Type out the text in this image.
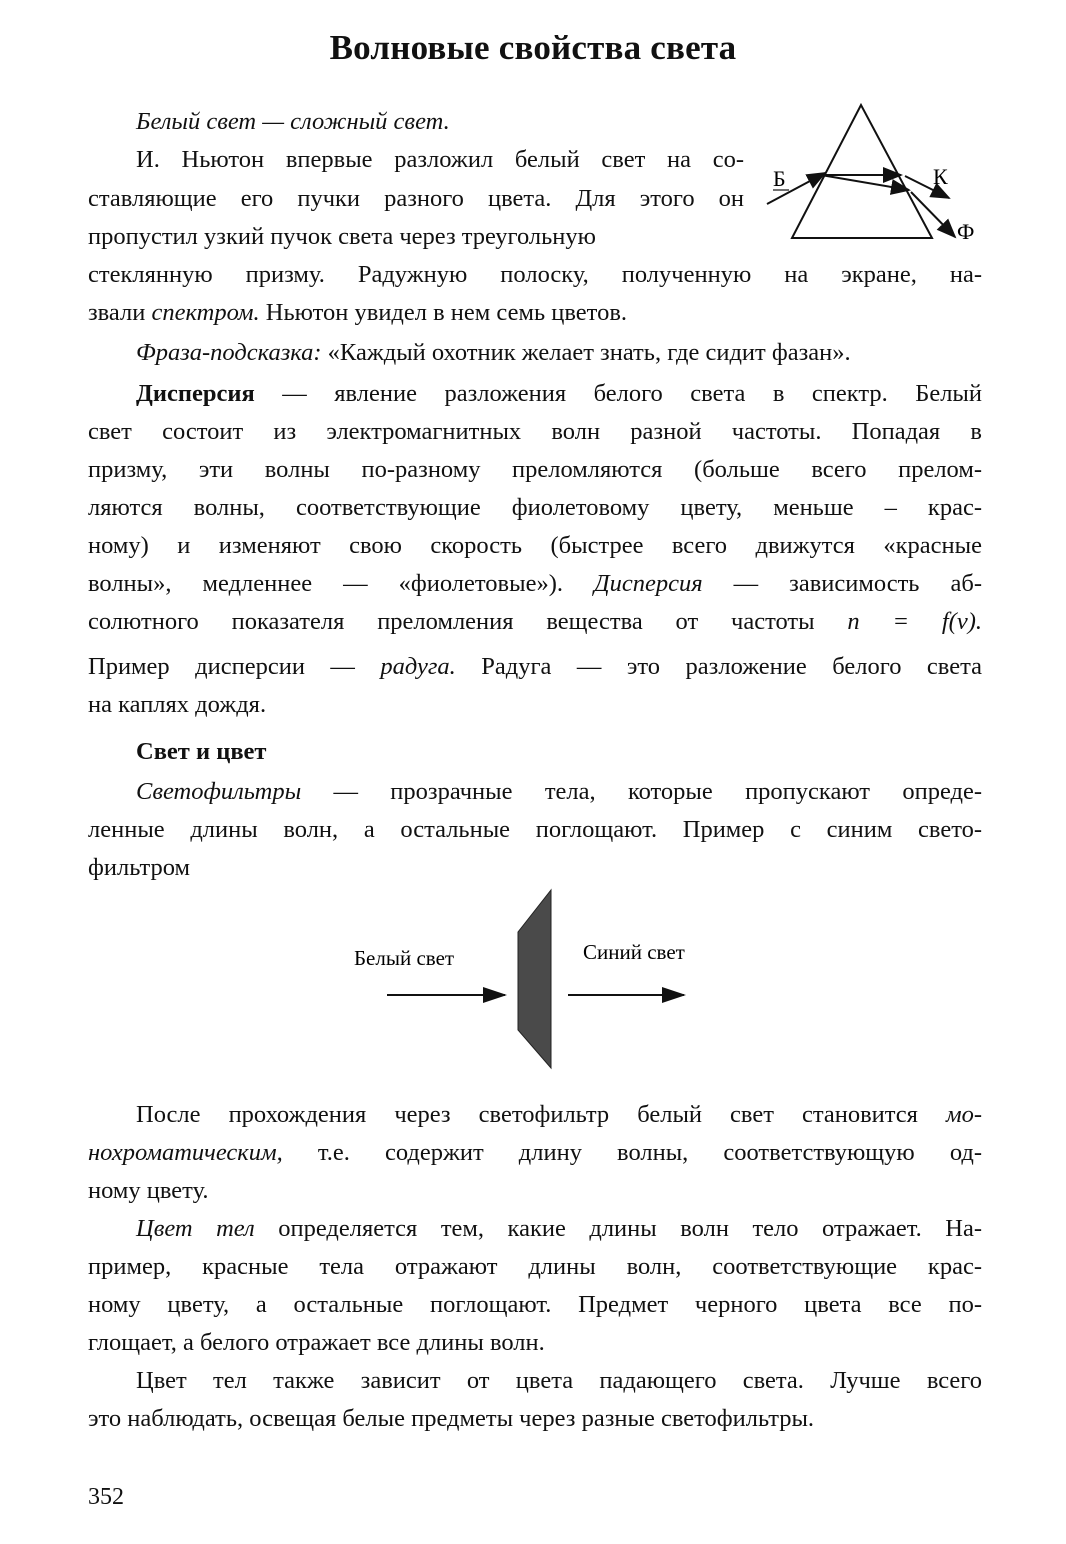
Волновые свойства света
Белый свет — сложный свет.
И. Ньютон впервые разложил белый свет на со-
ставляющие его пучки разного цвета. Для этого он
пропустил узкий пучок света через треугольную
стеклянную призму. Радужную полоску, полученную на экране, на-
звали спектром. Ньютон увидел в нем семь цветов.
Фраза-подсказка: «Каждый охотник желает знать, где сидит фазан».
Б	К
Ф
Дисперсия — явление разложения белого света в спектр. Белый
свет состоит из электромагнитных волн разной частоты. Попадая в
призму, эти волны по-разному преломляются (больше всего прелом-
ляются волны, соответствующие фиолетовому цвету, меньше – крас-
ному) и изменяют свою скорость (быстрее всего движутся «красные
волны», медленнее — «фиолетовые»). Дисперсия — зависимость аб-
солютного показателя преломления вещества от частоты n = f(ν).
Пример дисперсии — радуга. Радуга — это разложение белого света
на каплях дождя.
Свет и цвет
Светофильтры — прозрачные тела, которые пропускают опреде-
ленные длины волн, а остальные поглощают. Пример с синим свето-
фильтром
Белый свет	Синий свет
После прохождения через светофильтр белый свет становится мо-
нохроматическим, т.е. содержит длину волны, соответствующую од-
ному цвету.
Цвет тел определяется тем, какие длины волн тело отражает. На-
пример, красные тела отражают длины волн, соответствующие крас-
ному цвету, а остальные поглощают. Предмет черного цвета все по-
глощает, а белого отражает все длины волн.
Цвет тел также зависит от цвета падающего света. Лучше всего
это наблюдать, освещая белые предметы через разные светофильтры.
352
